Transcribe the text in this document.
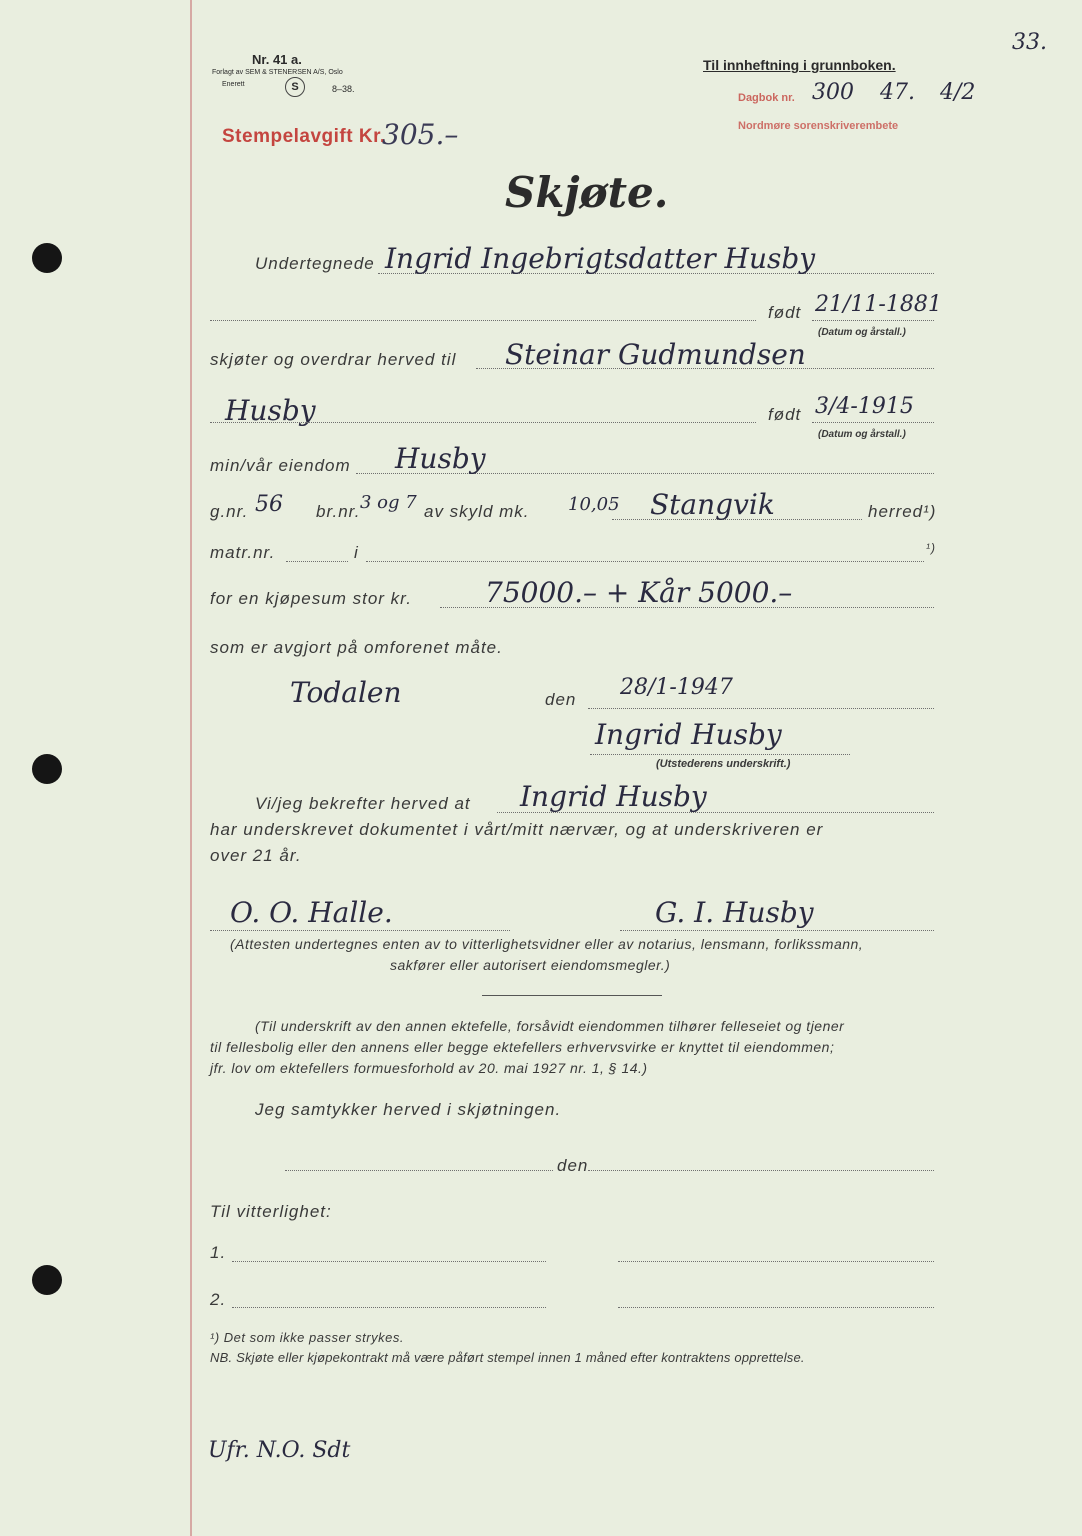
Nr. 41 a.
Forlagt av SEM & STENERSEN A/S, Oslo
Enerett	S	8–38.
Stempelavgift Kr.
305.–
Til innheftning i grunnboken.
33.
Dagbok nr. 300 47. 4/2
Nordmøre sorenskriverembete
Skjøte.
Undertegnede Ingrid Ingebrigtsdatter Husby
født 21/11-1881
(Datum og årstall.)
skjøter og overdrar herved til Steinar Gudmundsen
Husby	født 3/4-1915
(Datum og årstall.)
min/vår eiendom Husby
g.nr. 56 br.nr. 3 og 7 av skyld mk. 10,05 Stangvik	herred¹)
matr.nr.	i	¹)
for en kjøpesum stor kr.	75000.– + Kår 5000.–
som er avgjort på omforenet måte.
Todalen	den 28/1-1947
Ingrid Husby
(Utstederens underskrift.)
Vi/jeg bekrefter herved at Ingrid Husby
har underskrevet dokumentet i vårt/mitt nærvær, og at underskriveren er
over 21 år.
O. O. Halle.	G. I. Husby
(Attesten undertegnes enten av to vitterlighetsvidner eller av notarius, lensmann, forlikssmann,
sakfører eller autorisert eiendomsmegler.)
(Til underskrift av den annen ektefelle, forsåvidt eiendommen tilhører felleseiet og tjener
til fellesbolig eller den annens eller begge ektefellers erhvervsvirke er knyttet til eiendommen;
jfr. lov om ektefellers formuesforhold av 20. mai 1927 nr. 1, § 14.)
Jeg samtykker herved i skjøtningen.
den
Til vitterlighet:
1.
2.
¹) Det som ikke passer strykes.
NB. Skjøte eller kjøpekontrakt må være påført stempel innen 1 måned efter kontraktens opprettelse.
Ufr. N.O. Sdt
